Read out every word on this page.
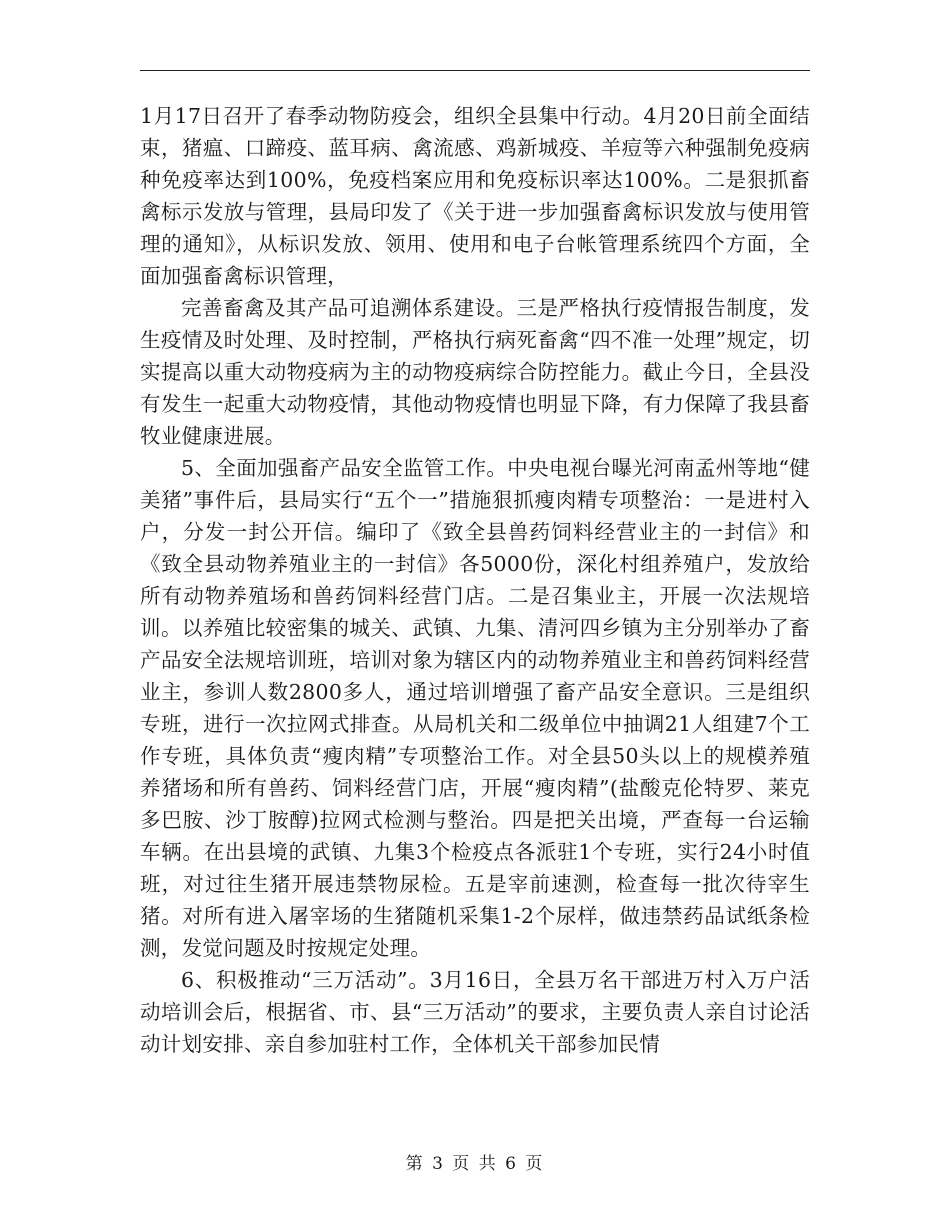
1月17日召开了春季动物防疫会，组织全县集中行动。4月20日前全面结束，猪瘟、口蹄疫、蓝耳病、禽流感、鸡新城疫、羊痘等六种强制免疫病种免疫率达到100%，免疫档案应用和免疫标识率达100%。二是狠抓畜禽标示发放与管理，县局印发了《关于进一步加强畜禽标识发放与使用管理的通知》，从标识发放、领用、使用和电子台帐管理系统四个方面，全面加强畜禽标识管理，

完善畜禽及其产品可追溯体系建设。三是严格执行疫情报告制度，发生疫情及时处理、及时控制，严格执行病死畜禽“四不准一处理”规定，切实提高以重大动物疫病为主的动物疫病综合防控能力。截止今日，全县没有发生一起重大动物疫情，其他动物疫情也明显下降，有力保障了我县畜牧业健康进展。

5、全面加强畜产品安全监管工作。中央电视台曝光河南孟州等地“健美猪”事件后，县局实行“五个一”措施狠抓瘦肉精专项整治：一是进村入户，分发一封公开信。编印了《致全县兽药饲料经营业主的一封信》和《致全县动物养殖业主的一封信》各5000份，深化村组养殖户，发放给所有动物养殖场和兽药饲料经营门店。二是召集业主，开展一次法规培训。以养殖比较密集的城关、武镇、九集、清河四乡镇为主分别举办了畜产品安全法规培训班，培训对象为辖区内的动物养殖业主和兽药饲料经营业主，参训人数2800多人，通过培训增强了畜产品安全意识。三是组织专班，进行一次拉网式排查。从局机关和二级单位中抽调21人组建7个工作专班，具体负责“瘦肉精”专项整治工作。对全县50头以上的规模养殖养猪场和所有兽药、饲料经营门店，开展“瘦肉精”(盐酸克伦特罗、莱克多巴胺、沙丁胺醇)拉网式检测与整治。四是把关出境，严查每一台运输车辆。在出县境的武镇、九集3个检疫点各派驻1个专班，实行24小时值班，对过往生猪开展违禁物尿检。五是宰前速测，检查每一批次待宰生猪。对所有进入屠宰场的生猪随机采集1-2个尿样，做违禁药品试纸条检测，发觉问题及时按规定处理。

6、积极推动“三万活动”。3月16日，全县万名干部进万村入万户活动培训会后，根据省、市、县“三万活动”的要求，主要负责人亲自讨论活动计划安排、亲自参加驻村工作，全体机关干部参加民情

第 3 页 共 6 页
